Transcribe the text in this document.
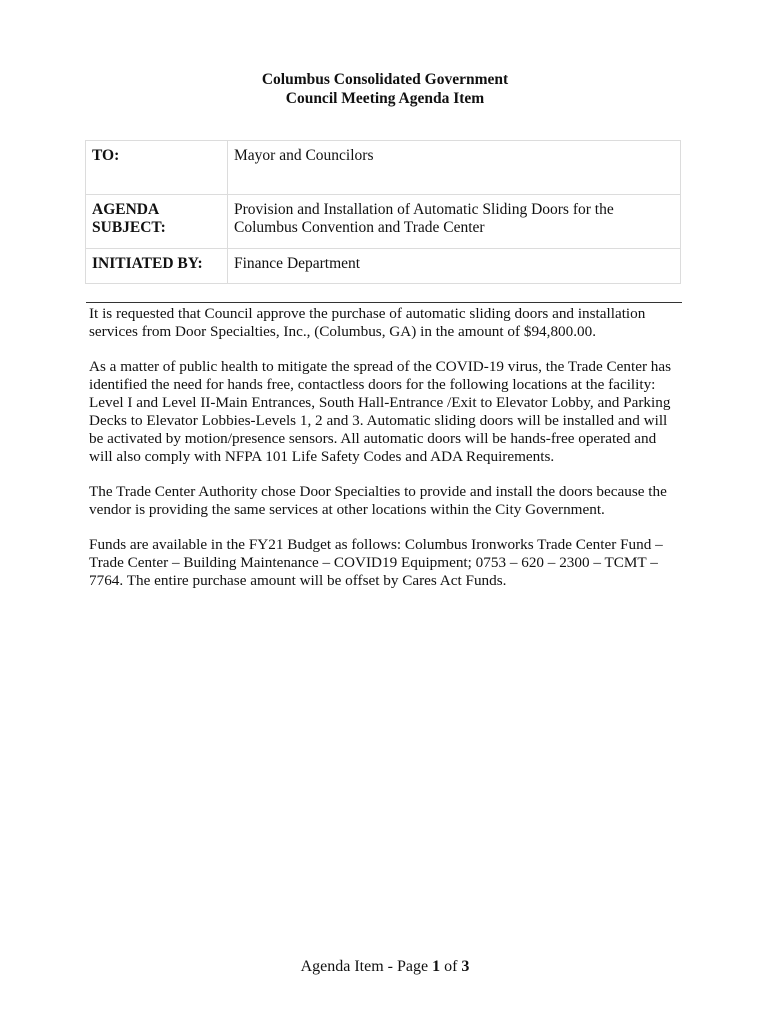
Columbus Consolidated Government
Council Meeting Agenda Item
TO:	Mayor and Councilors

AGENDA
SUBJECT:	Provision and Installation of Automatic Sliding Doors for the Columbus Convention and Trade Center
INITIATED BY:	Finance Department

It is requested that Council approve the purchase of automatic sliding doors and installation services from Door Specialties, Inc., (Columbus, GA) in the amount of $94,800.00.

As a matter of public health to mitigate the spread of the COVID-19 virus, the Trade Center has identified the need for hands free, contactless doors for the following locations at the facility: Level I and Level II-Main Entrances, South Hall-Entrance /Exit to Elevator Lobby, and Parking Decks to Elevator Lobbies-Levels 1, 2 and 3. Automatic sliding doors will be installed and will be activated by motion/presence sensors. All automatic doors will be hands-free operated and will also comply with NFPA 101 Life Safety Codes and ADA Requirements.

The Trade Center Authority chose Door Specialties to provide and install the doors because the vendor is providing the same services at other locations within the City Government.

Funds are available in the FY21 Budget as follows: Columbus Ironworks Trade Center Fund – Trade Center – Building Maintenance – COVID19 Equipment; 0753 – 620 – 2300 – TCMT – 7764. The entire purchase amount will be offset by Cares Act Funds.

Agenda Item - Page 1 of 3
